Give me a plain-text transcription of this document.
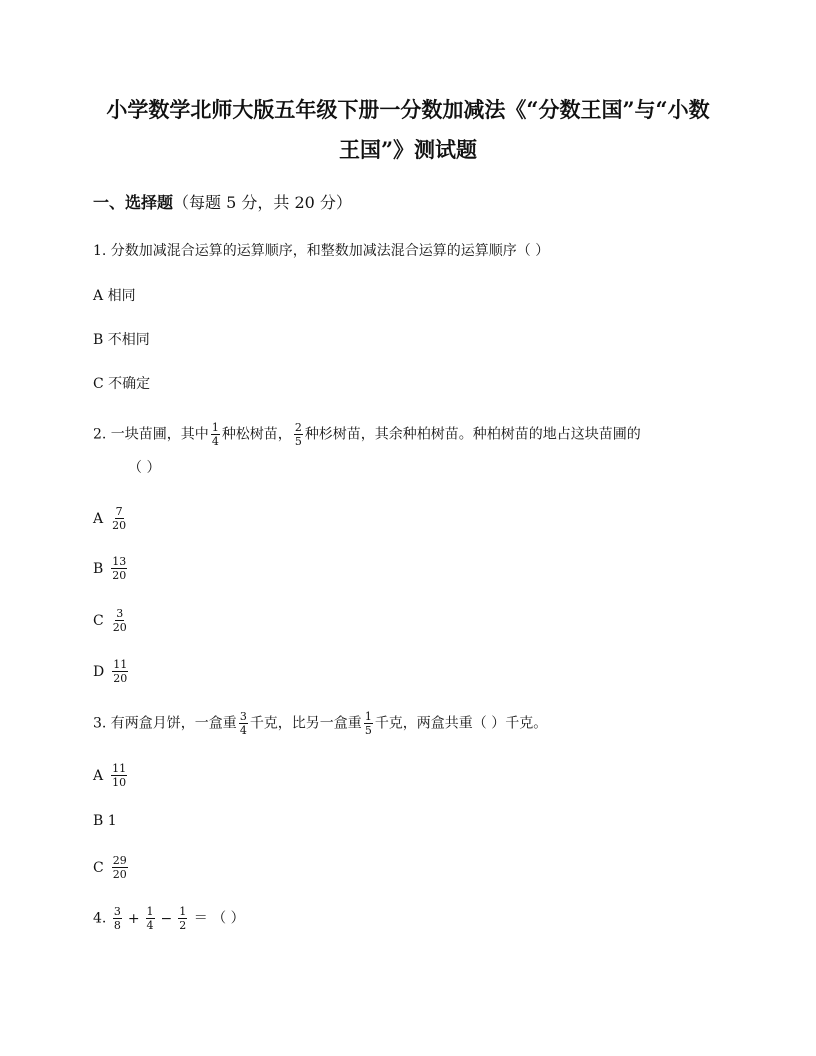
小学数学北师大版五年级下册一分数加减法《“分数王国”与“小数
王国”》测试题
一、选择题（每题 5 分，共 20 分）
1. 分数加减混合运算的运算顺序，和整数加减法混合运算的运算顺序（ ）
A 相同
B 不相同
C 不确定
2. 一块苗圃，其中 $\frac{1}{4}$ 种松树苗， $\frac{2}{5}$ 种杉树苗，其余种柏树苗。种柏树苗的地占这块苗圃的
（ ）
A $\frac{7}{20}$
B $\frac{13}{20}$
C $\frac{3}{20}$
D $\frac{11}{20}$
3. 有两盒月饼，一盒重 $\frac{3}{4}$ 千克，比另一盒重 $\frac{1}{5}$ 千克，两盒共重（ ）千克。
A $\frac{11}{10}$
B 1
C $\frac{29}{20}$
4. $\frac{3}{8} + \frac{1}{4} - \frac{1}{2}$ ＝ （ ）
